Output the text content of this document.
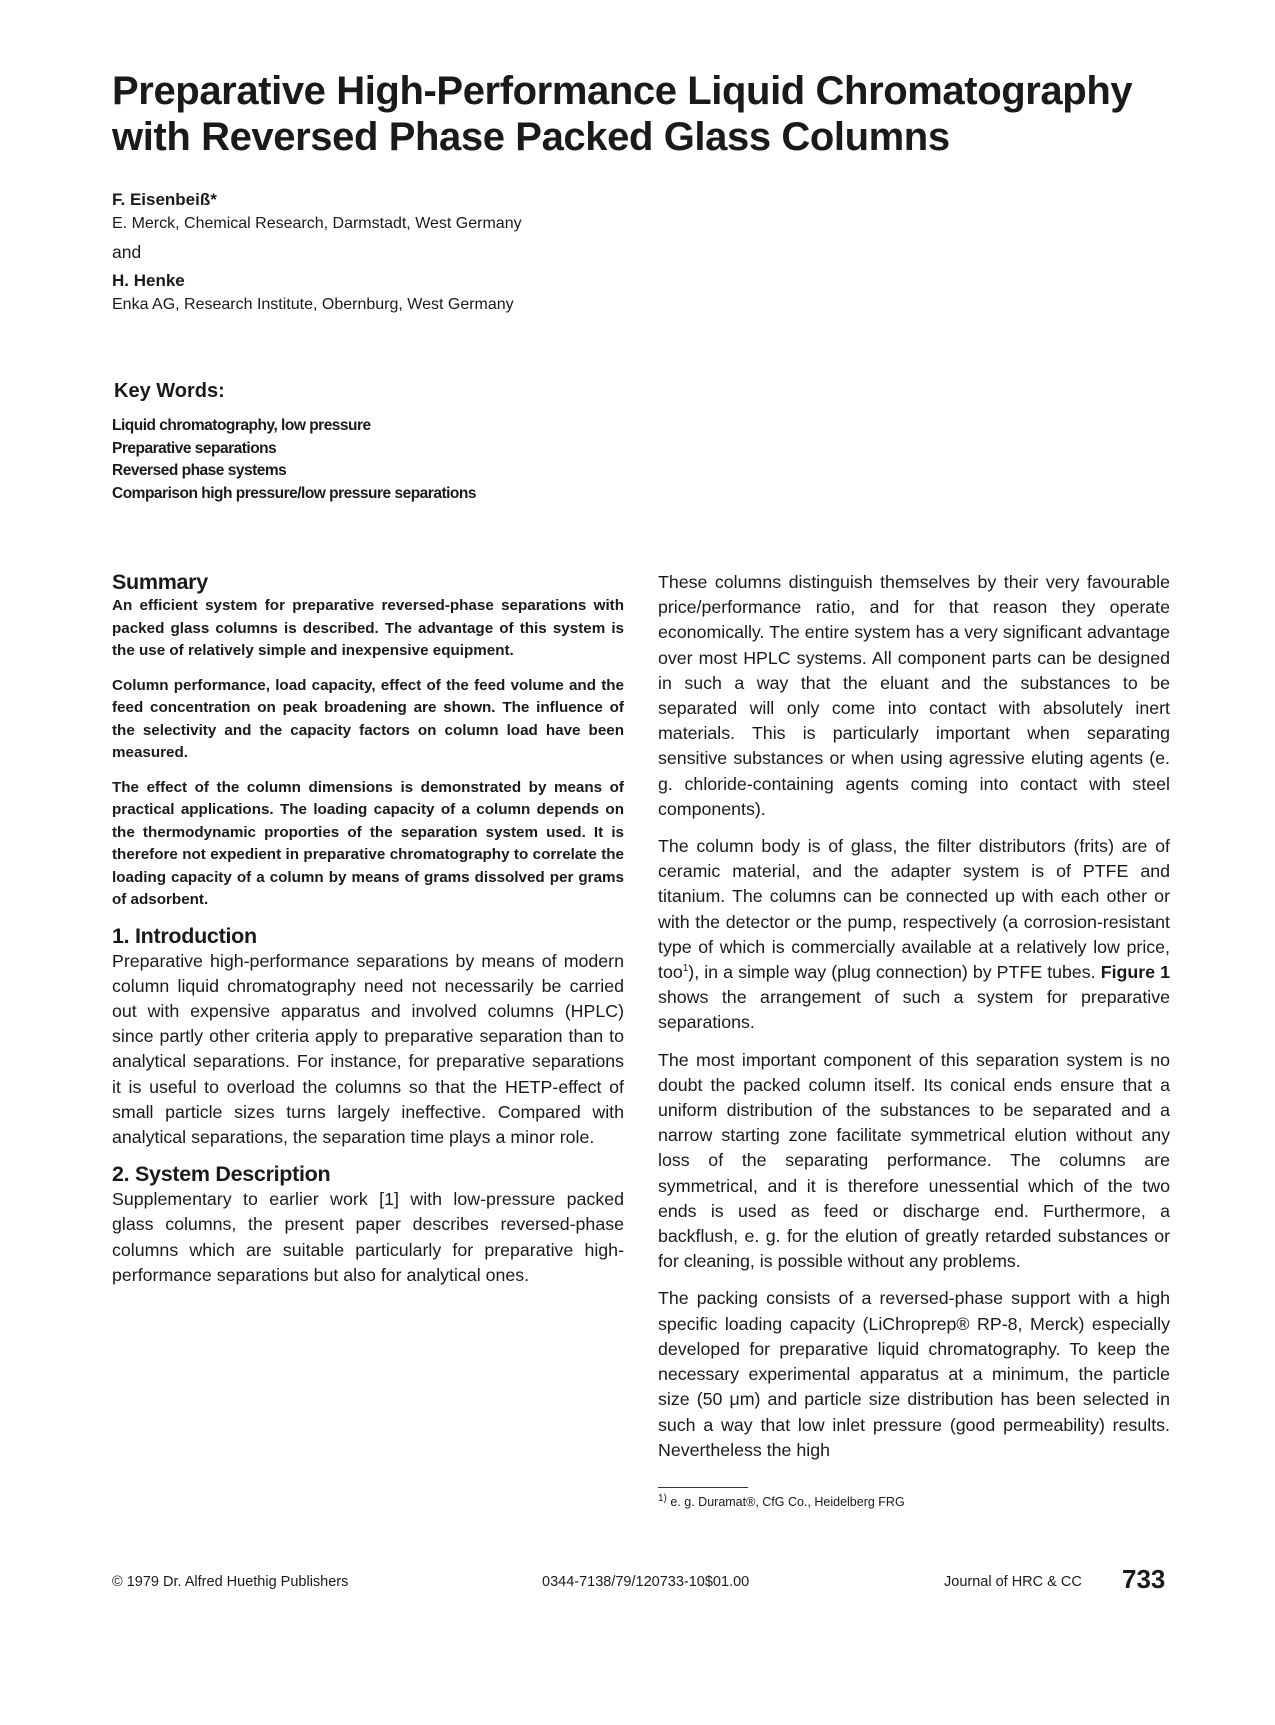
Preparative High-Performance Liquid Chromatography with Reversed Phase Packed Glass Columns
F. Eisenbeiß*
E. Merck, Chemical Research, Darmstadt, West Germany
and
H. Henke
Enka AG, Research Institute, Obernburg, West Germany
Key Words:
Liquid chromatography, low pressure
Preparative separations
Reversed phase systems
Comparison high pressure/low pressure separations
Summary

An efficient system for preparative reversed-phase separations with packed glass columns is described. The advantage of this system is the use of relatively simple and inexpensive equipment.

Column performance, load capacity, effect of the feed volume and the feed concentration on peak broadening are shown. The influence of the selectivity and the capacity factors on column load have been measured.

The effect of the column dimensions is demonstrated by means of practical applications. The loading capacity of a column depends on the thermodynamic proporties of the separation system used. It is therefore not expedient in preparative chromatography to correlate the loading capacity of a column by means of grams dissolved per grams of adsorbent.

1. Introduction

Preparative high-performance separations by means of modern column liquid chromatography need not necessarily be carried out with expensive apparatus and involved columns (HPLC) since partly other criteria apply to preparative separation than to analytical separations. For instance, for preparative separations it is useful to overload the columns so that the HETP-effect of small particle sizes turns largely ineffective. Compared with analytical separations, the separation time plays a minor role.

2. System Description

Supplementary to earlier work [1] with low-pressure packed glass columns, the present paper describes reversed-phase columns which are suitable particularly for preparative high-performance separations but also for analytical ones.

These columns distinguish themselves by their very favourable price/performance ratio, and for that reason they operate economically. The entire system has a very significant advantage over most HPLC systems. All component parts can be designed in such a way that the eluant and the substances to be separated will only come into contact with absolutely inert materials. This is particularly important when separating sensitive substances or when using agressive eluting agents (e. g. chloride-containing agents coming into contact with steel components).

The column body is of glass, the filter distributors (frits) are of ceramic material, and the adapter system is of PTFE and titanium. The columns can be connected up with each other or with the detector or the pump, respectively (a corrosion-resistant type of which is commercially available at a relatively low price, too$^1$), in a simple way (plug connection) by PTFE tubes. Figure 1 shows the arrangement of such a system for preparative separations.

The most important component of this separation system is no doubt the packed column itself. Its conical ends ensure that a uniform distribution of the substances to be separated and a narrow starting zone facilitate symmetrical elution without any loss of the separating performance. The columns are symmetrical, and it is therefore unessential which of the two ends is used as feed or discharge end. Furthermore, a backflush, e. g. for the elution of greatly retarded substances or for cleaning, is possible without any problems.

The packing consists of a reversed-phase support with a high specific loading capacity (LiChroprep® RP-8, Merck) especially developed for preparative liquid chromatography. To keep the necessary experimental apparatus at a minimum, the particle size (50 μm) and particle size distribution has been selected in such a way that low inlet pressure (good permeability) results. Nevertheless the high

$^{1)}$ e. g. Duramat®, CfG Co., Heidelberg FRG
© 1979 Dr. Alfred Huethig Publishers	0344-7138/79/120733-10$01.00	Journal of HRC & CC 733
